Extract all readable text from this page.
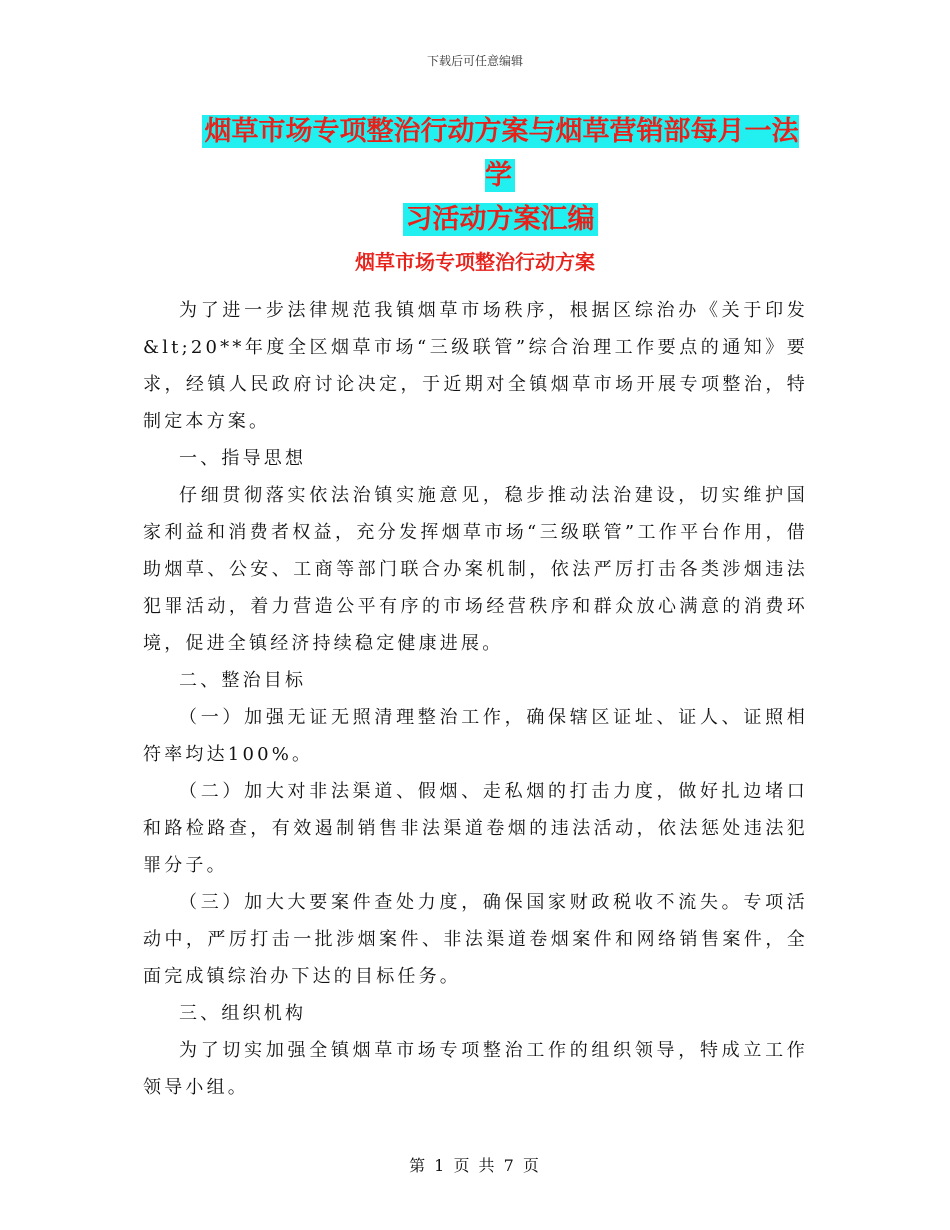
下载后可任意编辑
烟草市场专项整治行动方案与烟草营销部每月一法学
习活动方案汇编
烟草市场专项整治行动方案

为了进一步法律规范我镇烟草市场秩序，根据区综治办《关于印发&lt;20**年度全区烟草市场“三级联管”综合治理工作要点的通知》要求，经镇人民政府讨论决定，于近期对全镇烟草市场开展专项整治，特制定本方案。

一、指导思想

仔细贯彻落实依法治镇实施意见，稳步推动法治建设，切实维护国家利益和消费者权益，充分发挥烟草市场“三级联管”工作平台作用，借助烟草、公安、工商等部门联合办案机制，依法严厉打击各类涉烟违法犯罪活动，着力营造公平有序的市场经营秩序和群众放心满意的消费环境，促进全镇经济持续稳定健康进展。

二、整治目标

（一）加强无证无照清理整治工作，确保辖区证址、证人、证照相符率均达100%。

（二）加大对非法渠道、假烟、走私烟的打击力度，做好扎边堵口和路检路查，有效遏制销售非法渠道卷烟的违法活动，依法惩处违法犯罪分子。

（三）加大大要案件查处力度，确保国家财政税收不流失。专项活动中，严厉打击一批涉烟案件、非法渠道卷烟案件和网络销售案件，全面完成镇综治办下达的目标任务。

三、组织机构

为了切实加强全镇烟草市场专项整治工作的组织领导，特成立工作领导小组。

第 1 页 共 7 页
